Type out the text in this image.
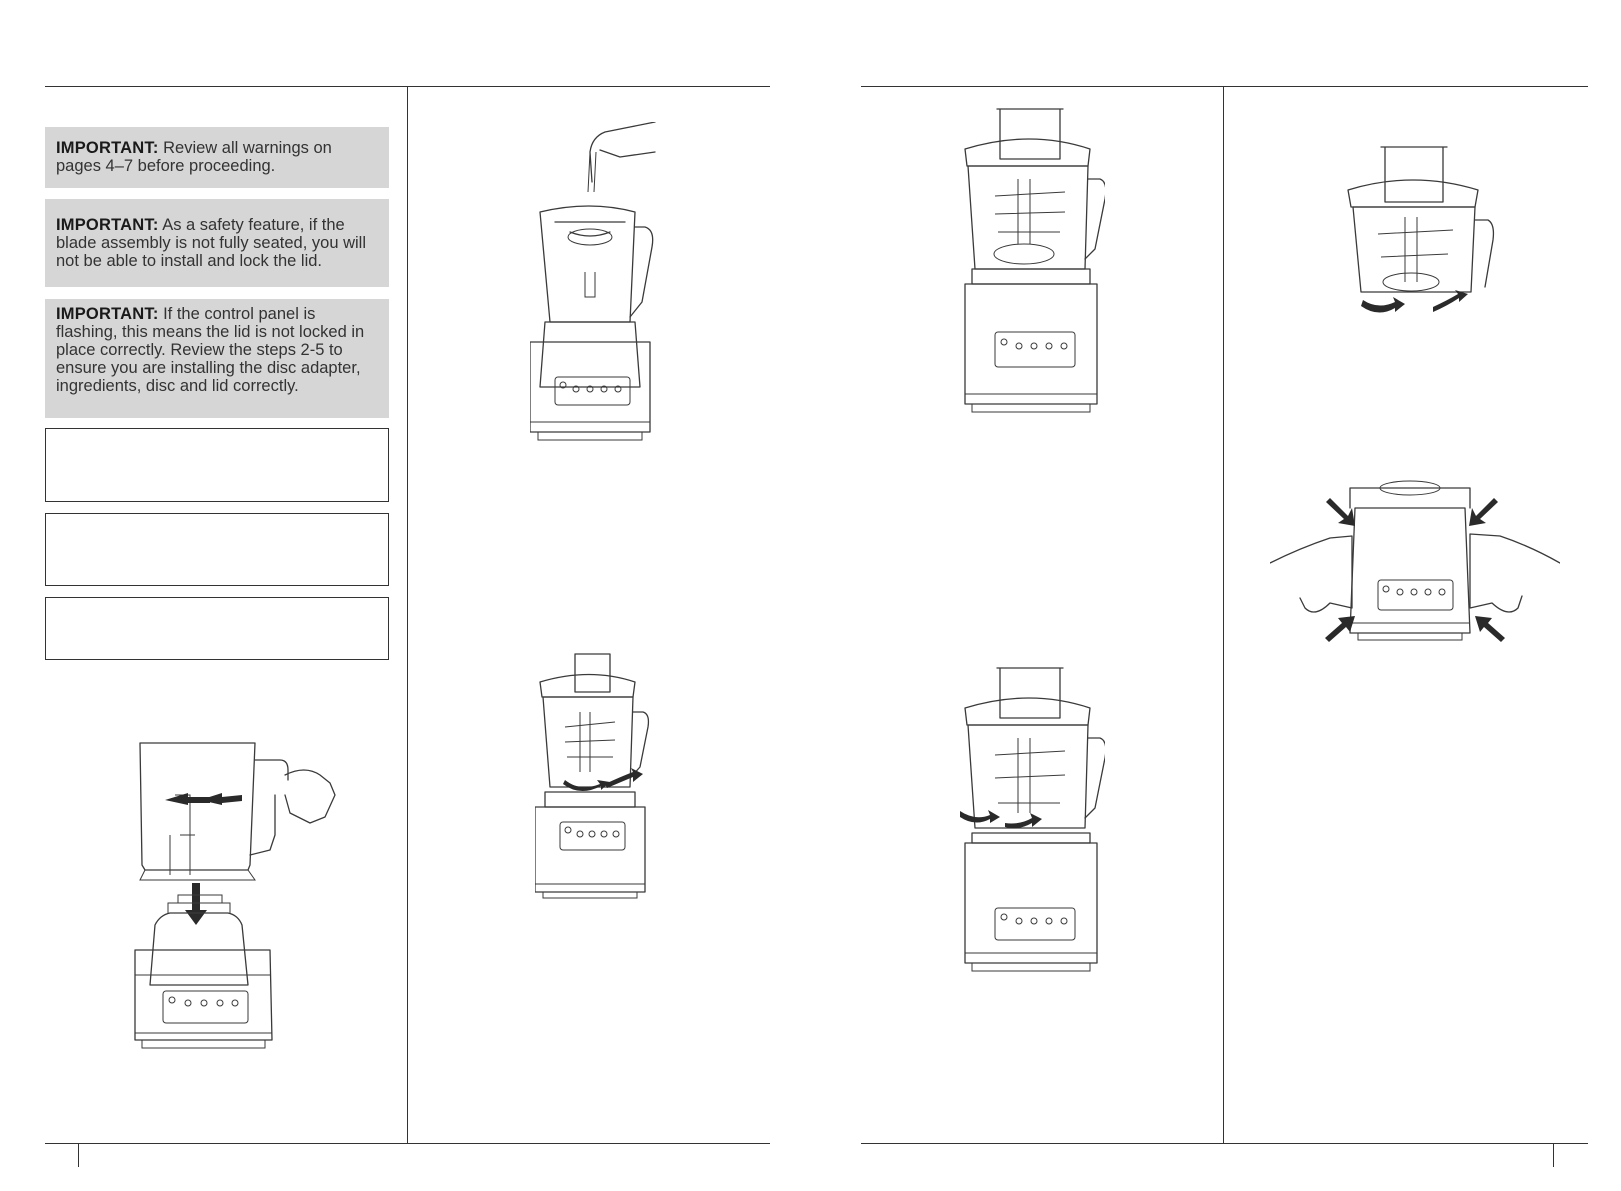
IMPORTANT: Review all warnings on pages 4–7 before proceeding.
IMPORTANT: As a safety feature, if the blade assembly is not fully seated, you will not be able to install and lock the lid.
IMPORTANT: If the control panel is flashing, this means the lid is not locked in place correctly. Review the steps 2-5 to ensure you are installing the disc adapter, ingredients, disc and lid correctly.
